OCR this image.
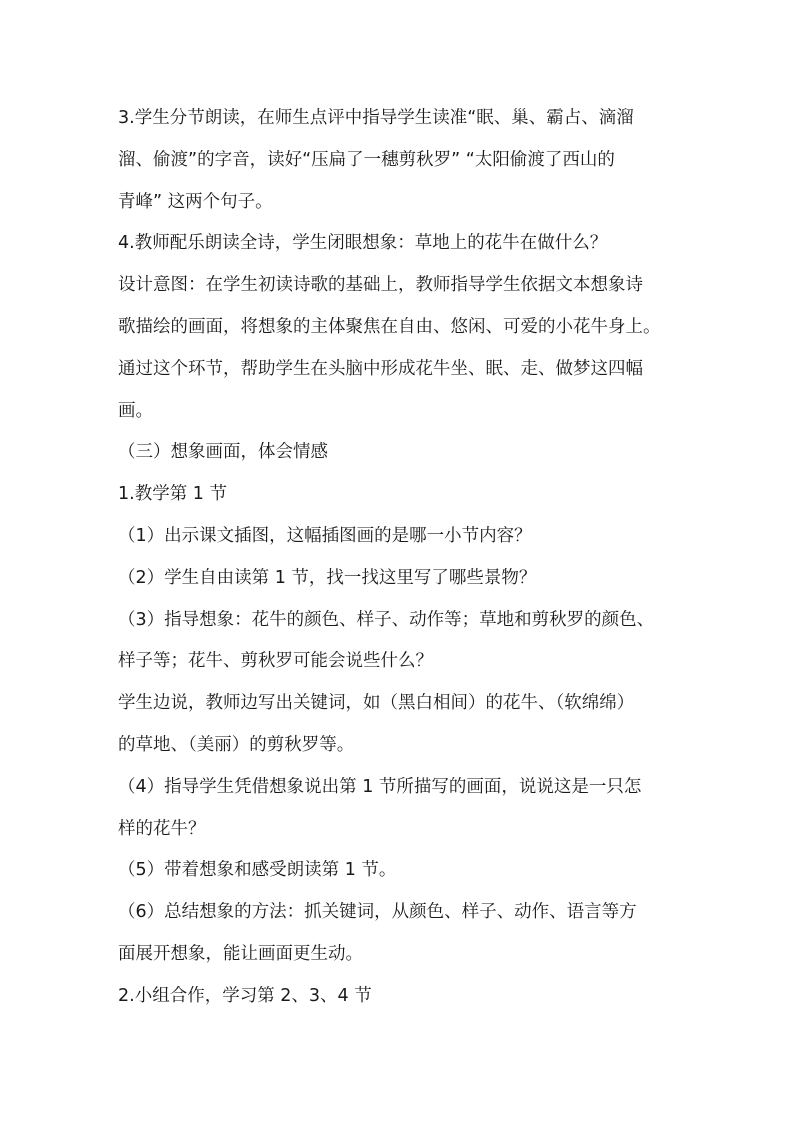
3.学生分节朗读，在师生点评中指导学生读准“眠、巢、霸占、滴溜
溜、偷渡”的字音，读好“压扁了一穗剪秋罗” “太阳偷渡了西山的
青峰” 这两个句子。
4.教师配乐朗读全诗，学生闭眼想象：草地上的花牛在做什么？
设计意图：在学生初读诗歌的基础上，教师指导学生依据文本想象诗
歌描绘的画面，将想象的主体聚焦在自由、悠闲、可爱的小花牛身上。
通过这个环节，帮助学生在头脑中形成花牛坐、眠、走、做梦这四幅
画。
（三）想象画面，体会情感
1.教学第 1 节
（1）出示课文插图，这幅插图画的是哪一小节内容？
（2）学生自由读第 1 节，找一找这里写了哪些景物？
（3）指导想象：花牛的颜色、样子、动作等；草地和剪秋罗的颜色、
样子等；花牛、剪秋罗可能会说些什么？
学生边说，教师边写出关键词，如（黑白相间）的花牛、（软绵绵）
的草地、（美丽）的剪秋罗等。
（4）指导学生凭借想象说出第 1 节所描写的画面，说说这是一只怎
样的花牛？
（5）带着想象和感受朗读第 1 节。
（6）总结想象的方法：抓关键词，从颜色、样子、动作、语言等方
面展开想象，能让画面更生动。
2.小组合作，学习第 2、3、4 节
